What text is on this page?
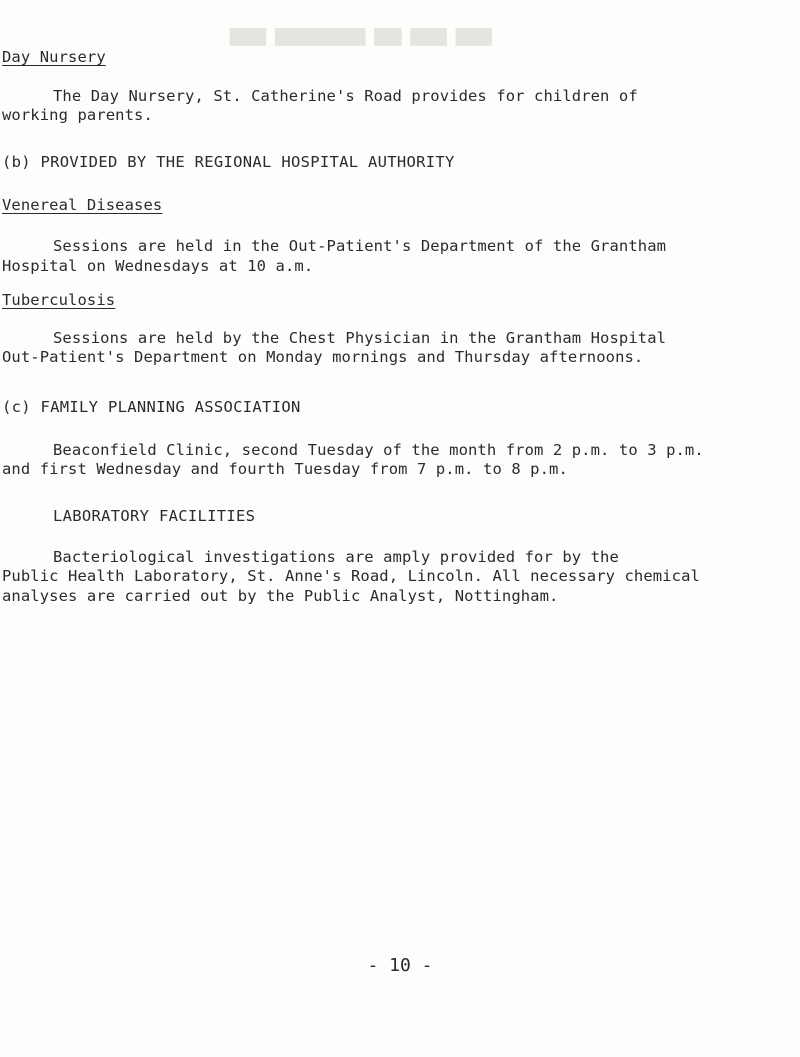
████ ████ ███ ██████████ ████
Day Nursery
The Day Nursery, St. Catherine's Road provides for children of
working parents.
(b) PROVIDED BY THE REGIONAL HOSPITAL AUTHORITY
Venereal Diseases
Sessions are held in the Out-Patient's Department of the Grantham
Hospital on Wednesdays at 10 a.m.
Tuberculosis
Sessions are held by the Chest Physician in the Grantham Hospital
Out-Patient's Department on Monday mornings and Thursday afternoons.
(c) FAMILY PLANNING ASSOCIATION
Beaconfield Clinic, second Tuesday of the month from 2 p.m. to 3 p.m.
and first Wednesday and fourth Tuesday from 7 p.m. to 8 p.m.
LABORATORY FACILITIES
Bacteriological investigations are amply provided for by the
Public Health Laboratory, St. Anne's Road, Lincoln. All necessary chemical
analyses are carried out by the Public Analyst, Nottingham.
- 10 -
